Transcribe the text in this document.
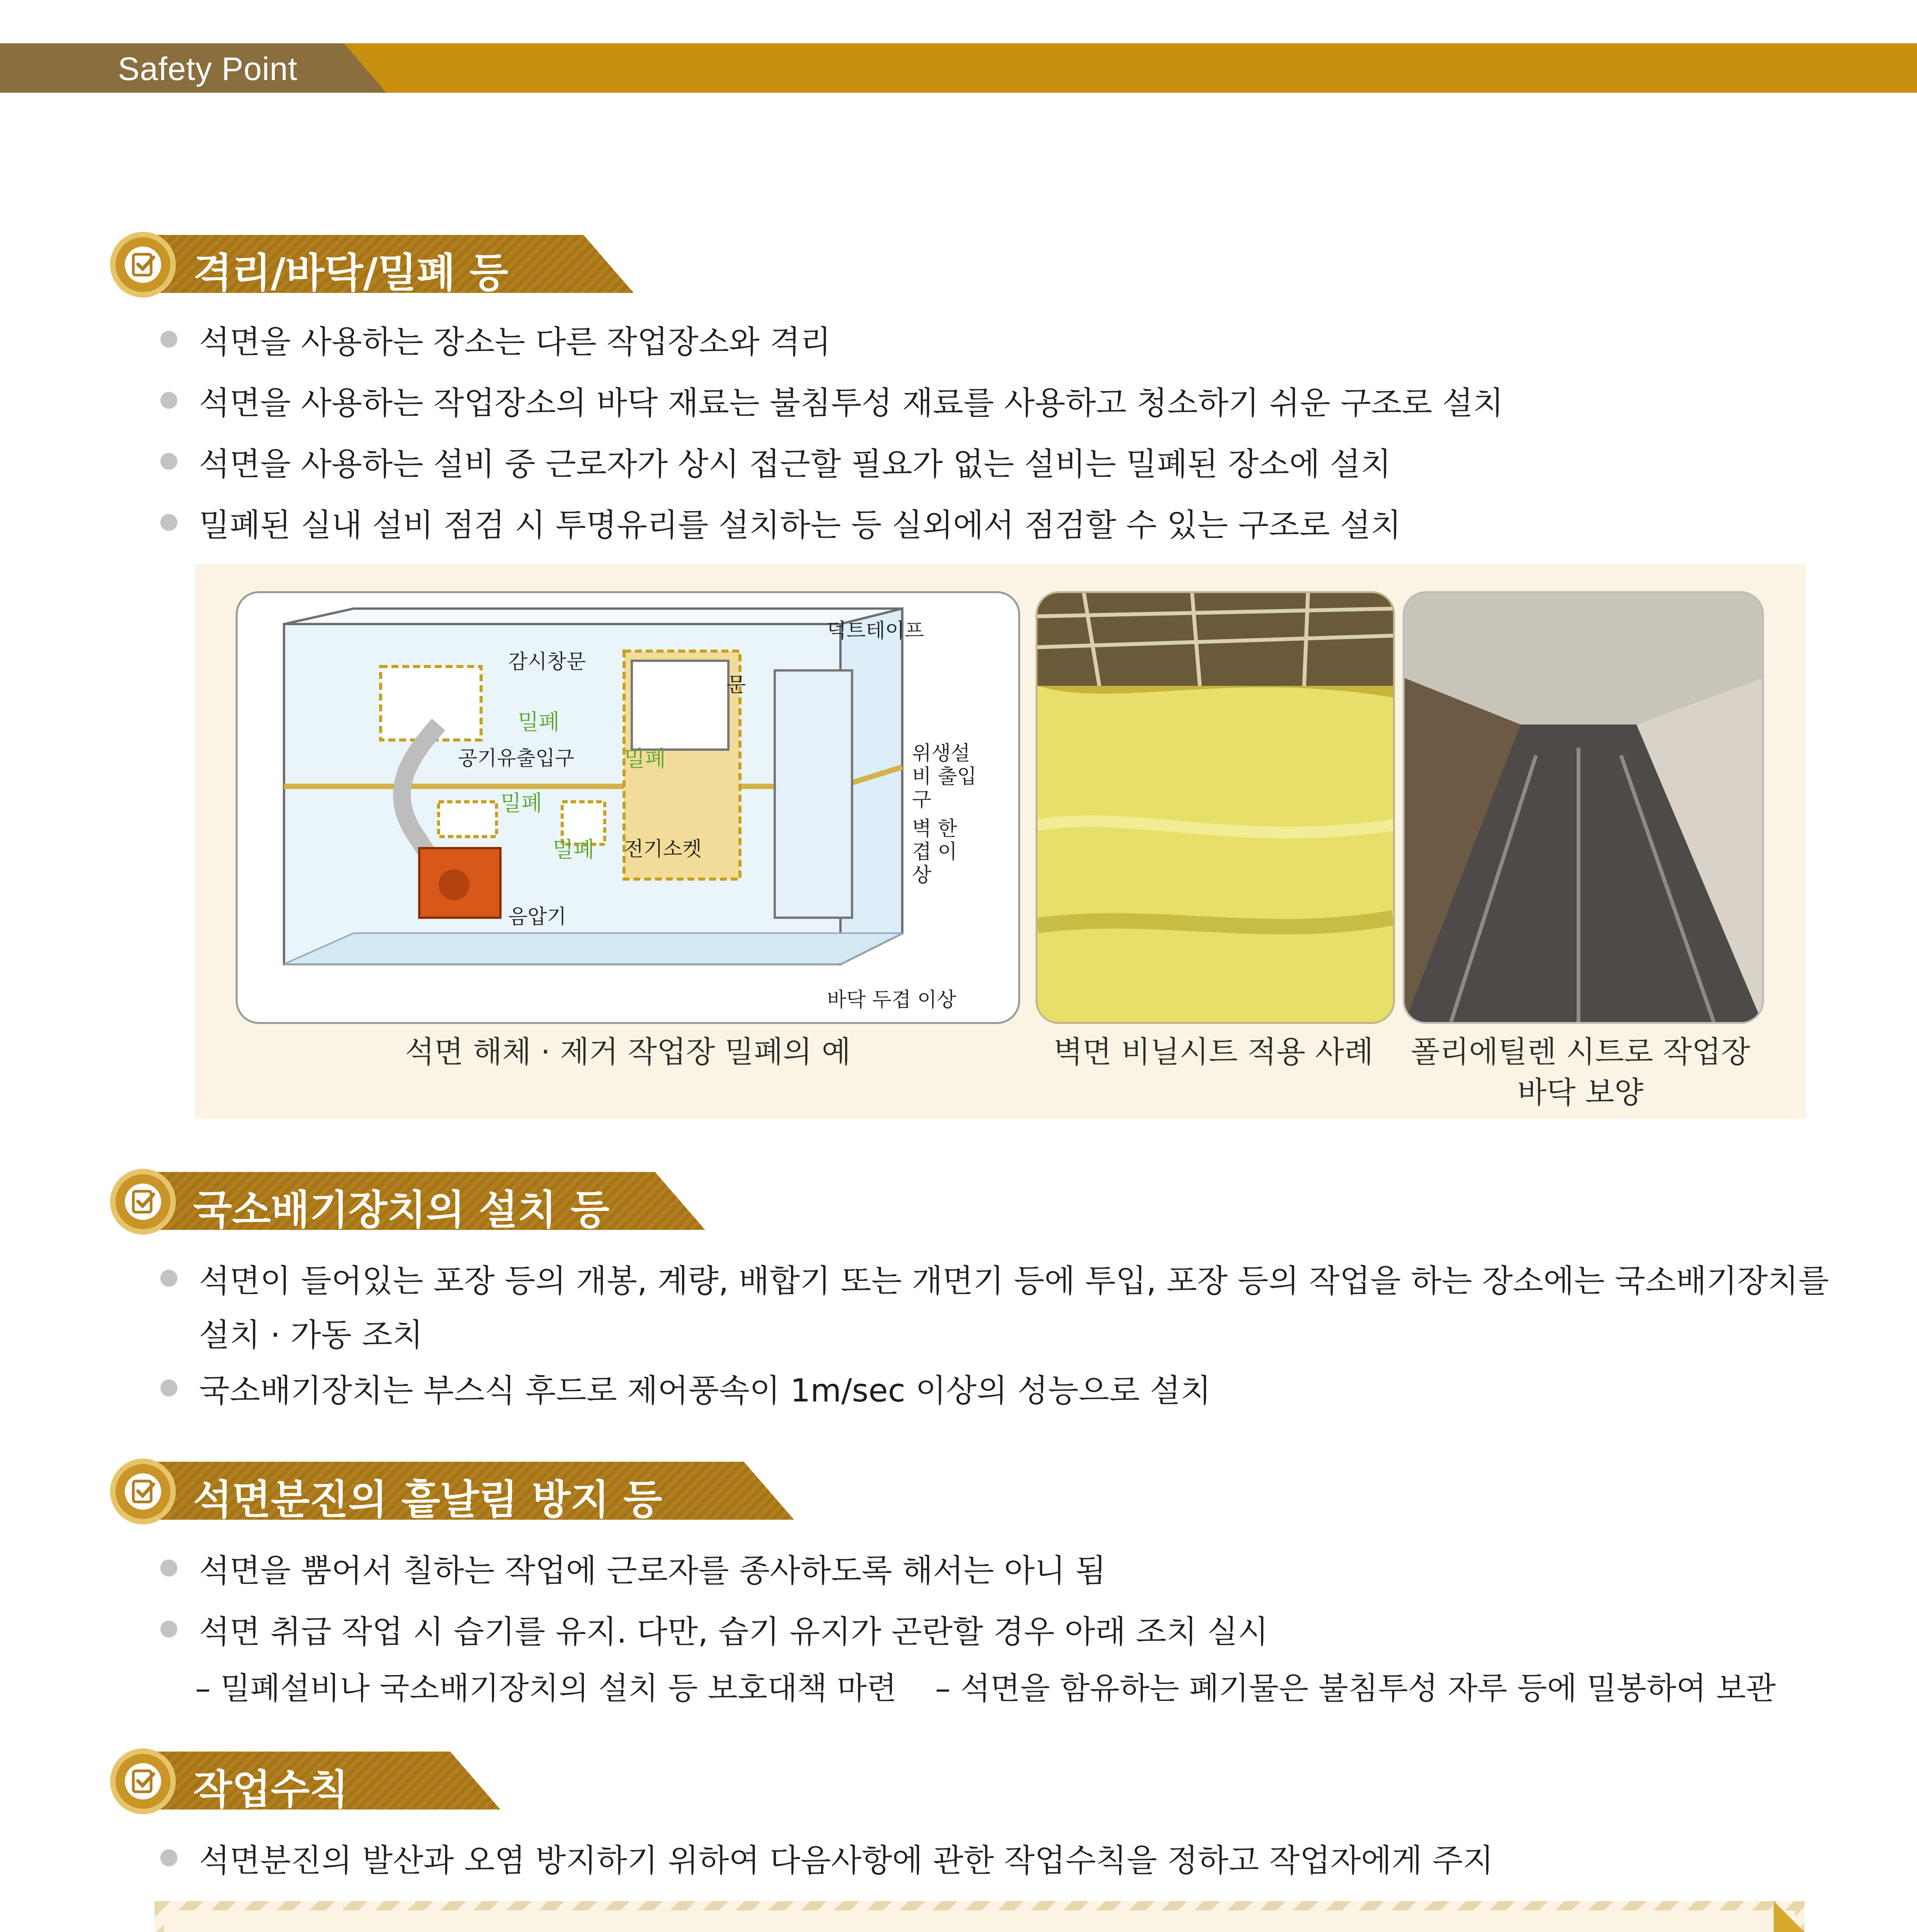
Safety Point
격리/바닥/밀폐 등
석면을 사용하는 장소는 다른 작업장소와 격리
석면을 사용하는 작업장소의 바닥 재료는 불침투성 재료를 사용하고 청소하기 쉬운 구조로 설치
석면을 사용하는 설비 중 근로자가 상시 접근할 필요가 없는 설비는 밀폐된 장소에 설치
밀폐된 실내 설비 점검 시 투명유리를 설치하는 등 실외에서 점검할 수 있는 구조로 설치
덕트테이프
감시창문
문
밀폐
밀폐
공기유출입구
밀폐
밀폐 전기소켓
위생설비 출입구
벽 한겹 이상
음압기
바닥 두겹 이상
석면 해체 · 제거 작업장 밀폐의 예	벽면 비닐시트 적용 사례	폴리에틸렌 시트로 작업장
바닥 보양
국소배기장치의 설치 등
석면이 들어있는 포장 등의 개봉, 계량, 배합기 또는 개면기 등에 투입, 포장 등의 작업을 하는 장소에는 국소배기장치를
설치 · 가동 조치
국소배기장치는 부스식 후드로 제어풍속이 1m/sec 이상의 성능으로 설치
석면분진의 흩날림 방지 등
석면을 뿜어서 칠하는 작업에 근로자를 종사하도록 해서는 아니 됨
석면 취급 작업 시 습기를 유지. 다만, 습기 유지가 곤란할 경우 아래 조치 실시
– 밀폐설비나 국소배기장치의 설치 등 보호대책 마련 – 석면을 함유하는 폐기물은 불침투성 자루 등에 밀봉하여 보관
작업수칙
석면분진의 발산과 오염 방지하기 위하여 다음사항에 관한 작업수칙을 정하고 작업자에게 주지
